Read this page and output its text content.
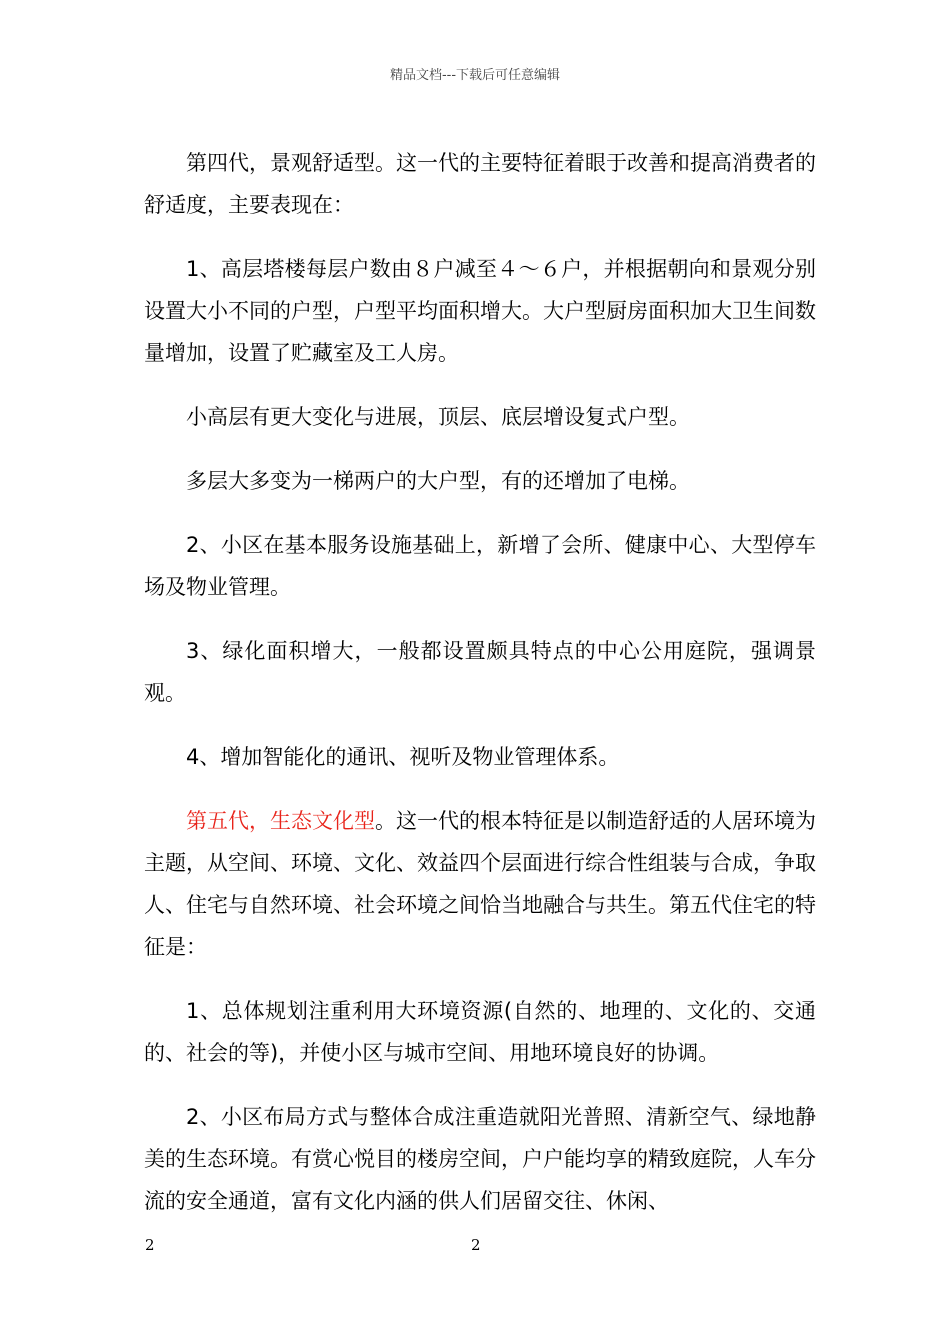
精品文档---下载后可任意编辑

第四代，景观舒适型。这一代的主要特征着眼于改善和提高消费者的舒适度，主要表现在：

1、高层塔楼每层户数由８户减至４～６户，并根据朝向和景观分别设置大小不同的户型，户型平均面积增大。大户型厨房面积加大卫生间数量增加，设置了贮藏室及工人房。

小高层有更大变化与进展，顶层、底层增设复式户型。

多层大多变为一梯两户的大户型，有的还增加了电梯。

2、小区在基本服务设施基础上，新增了会所、健康中心、大型停车场及物业管理。

3、绿化面积增大，一般都设置颇具特点的中心公用庭院，强调景观。

4、增加智能化的通讯、视听及物业管理体系。

第五代，生态文化型。这一代的根本特征是以制造舒适的人居环境为主题，从空间、环境、文化、效益四个层面进行综合性组装与合成，争取人、住宅与自然环境、社会环境之间恰当地融合与共生。第五代住宅的特征是：

1、总体规划注重利用大环境资源(自然的、地理的、文化的、交通的、社会的等)，并使小区与城市空间、用地环境良好的协调。

2、小区布局方式与整体合成注重造就阳光普照、清新空气、绿地静美的生态环境。有赏心悦目的楼房空间，户户能均享的精致庭院，人车分流的安全通道，富有文化内涵的供人们居留交往、休闲、

2	2
